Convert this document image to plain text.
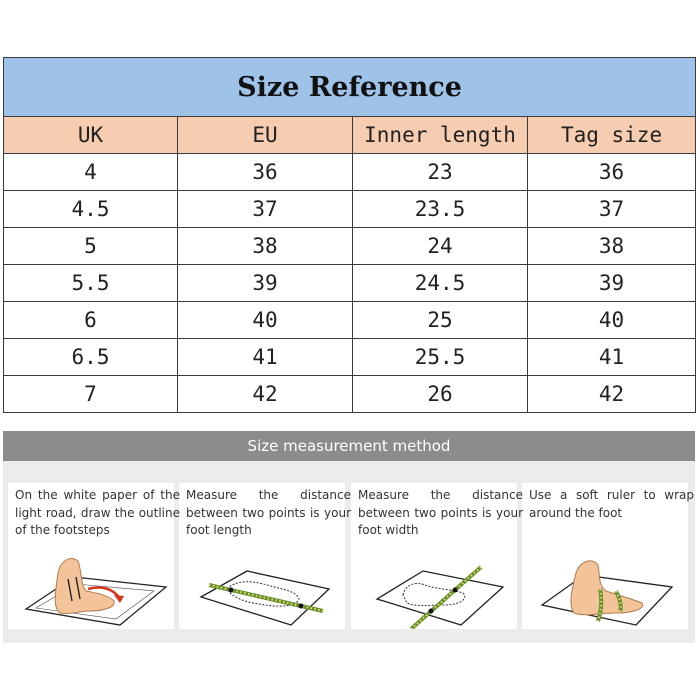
Size Reference			
UK	EU	Inner length	Tag size
4	36	23	36
4.5	37	23.5	37
5	38	24	38
5.5	39	24.5	39
6	40	25	40
6.5	41	25.5	41
7	42	26	42
Size measurement method
On the white paper of the light road, draw the outline of the footsteps
Measure the distance between two points is your foot length
Measure the distance between two points is your foot width
Use a soft ruler to wrap around the foot
